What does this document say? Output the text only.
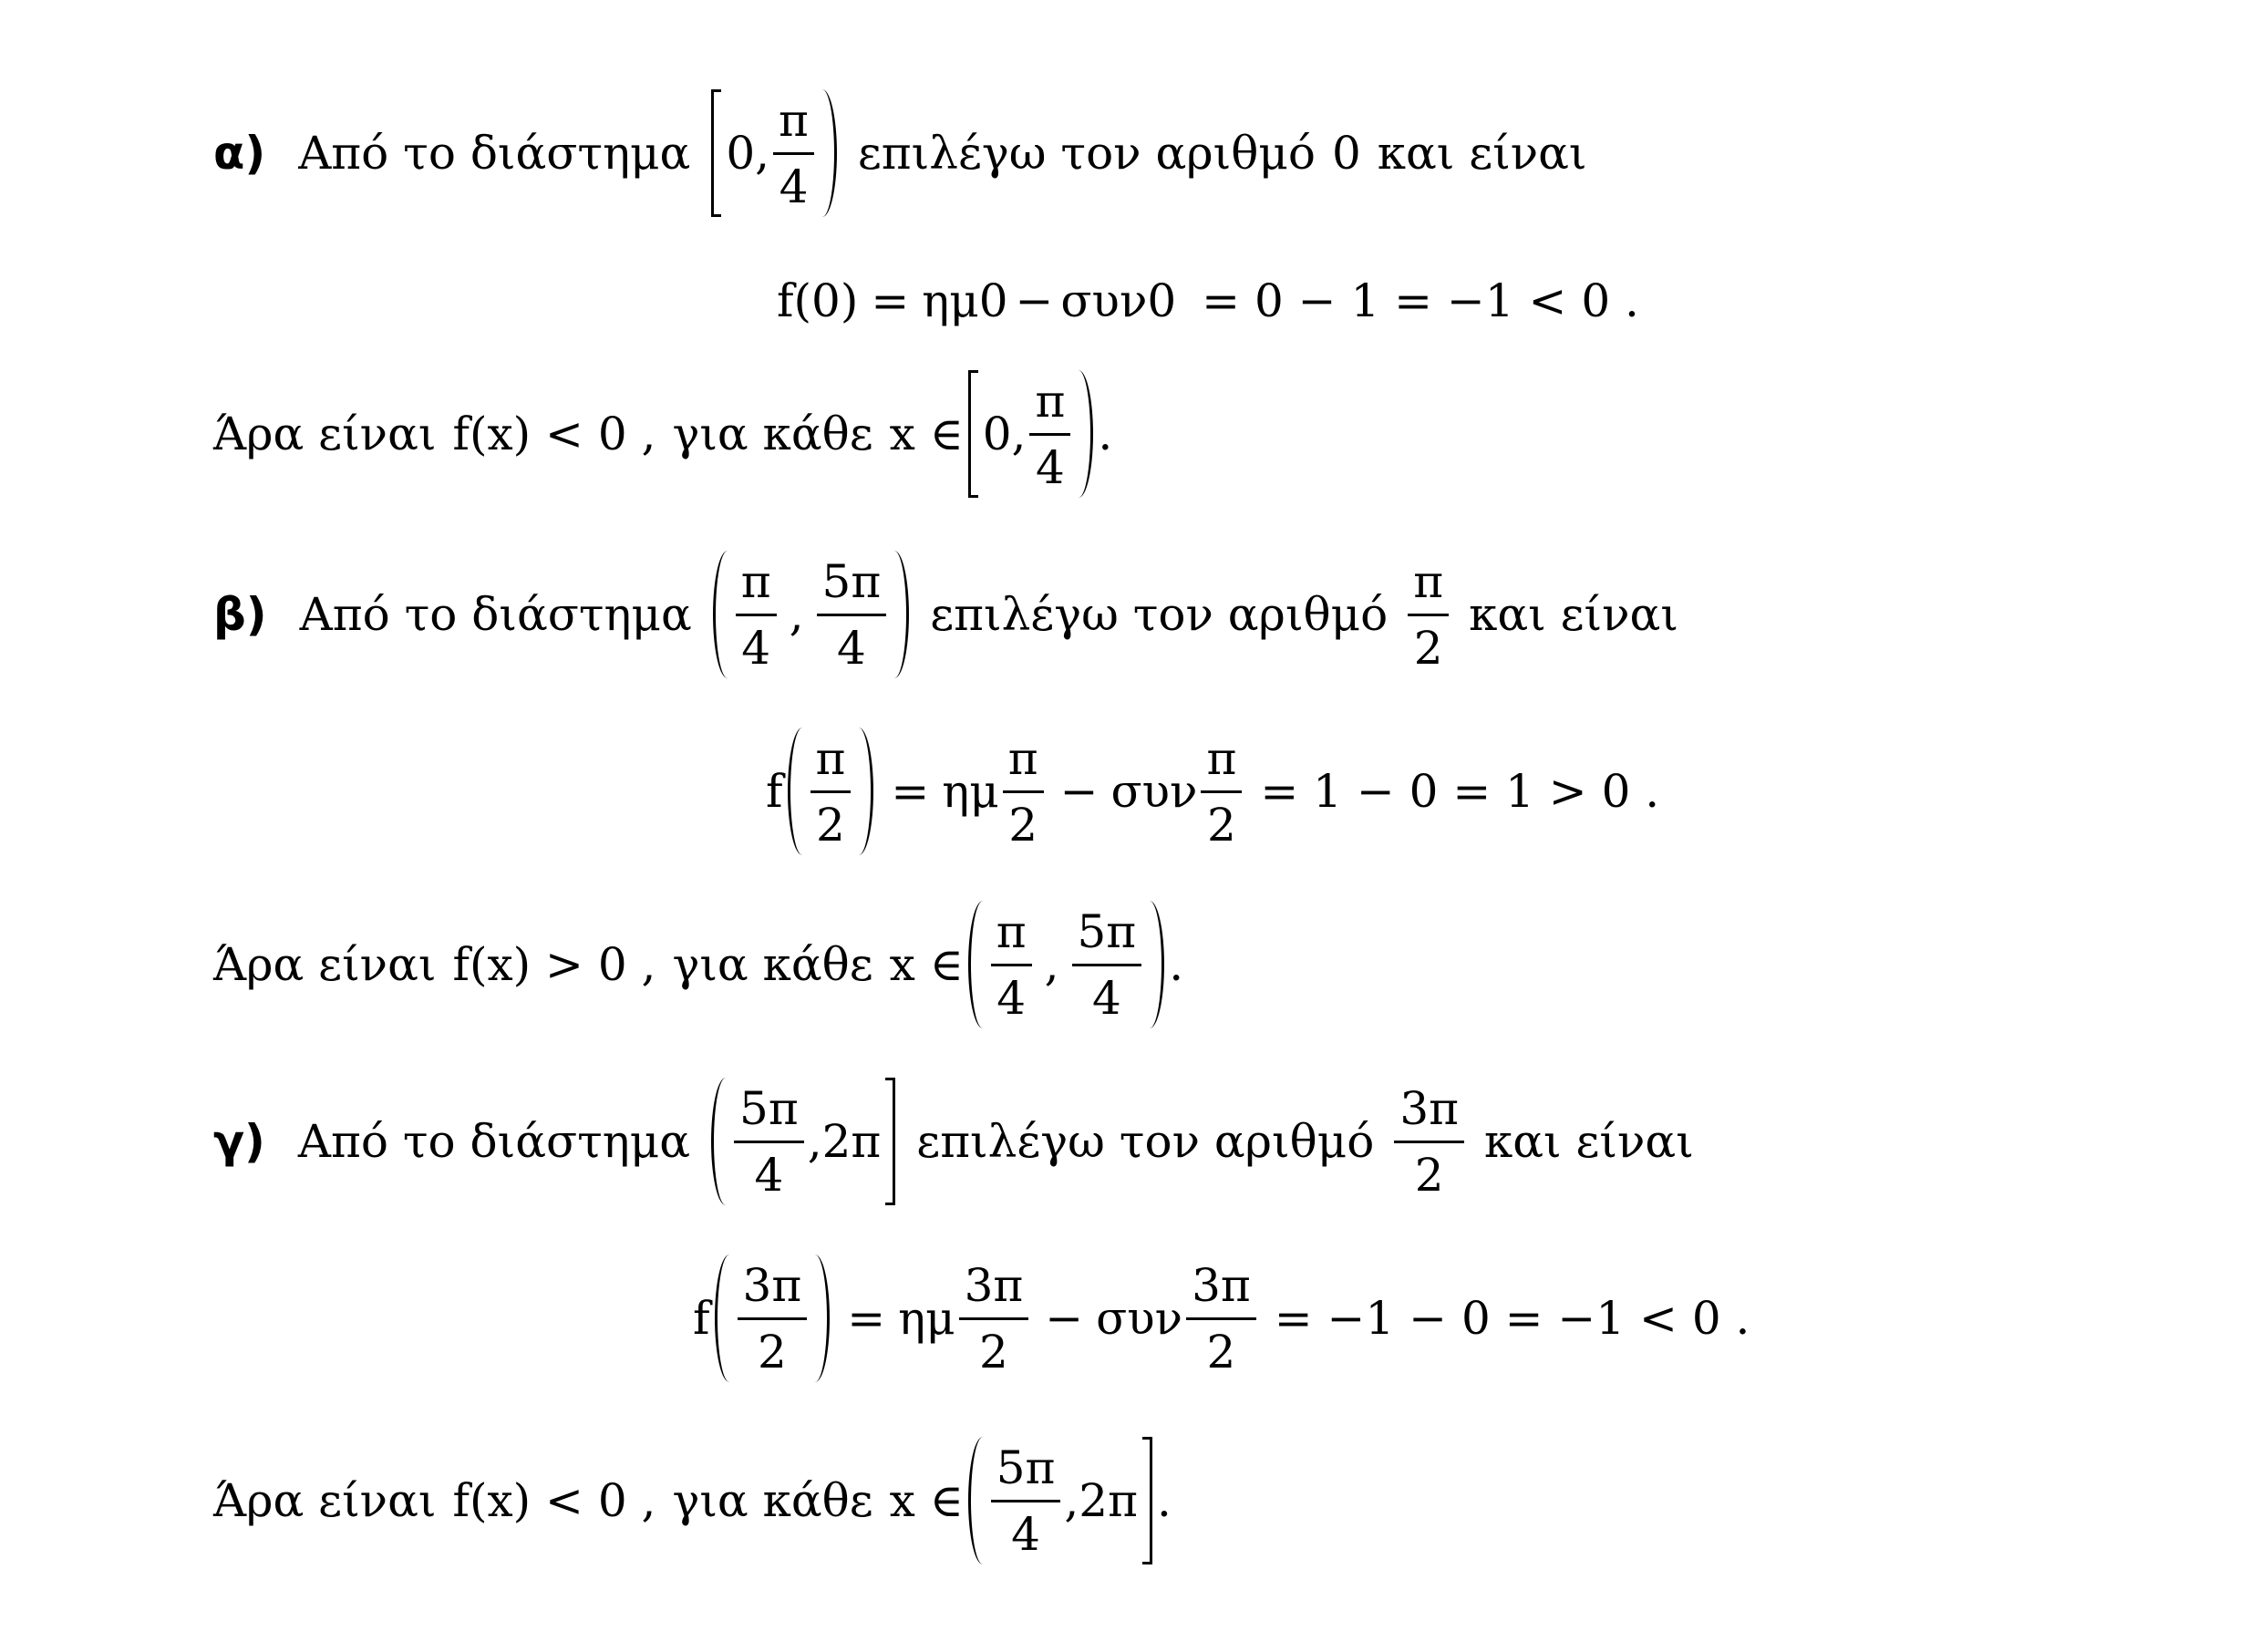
α) Από το διάστημα 0 , $\frac{\pi}{4}$ επιλέγω τον αριθμό 0 και είναι
f( 0 ) = ημ0 − συν0 = 0 − 1 = −1 < 0 .
Άρα είναι f(x) < 0 , για κάθε x ∈ 0 , $\frac{\pi}{4}$ .
β) Από το διάστημα $\frac{\pi}{4}$ , $\frac{5\pi}{4}$ επιλέγω τον αριθμό $\frac{\pi}{2}$ και είναι
f $\frac{\pi}{2} = \eta\mu \frac{\pi}{2} - \sigma\upsilon\nu \frac{\pi}{2} = 1 - 0 = 1 > 0$ .
Άρα είναι f(x) > 0 , για κάθε x ∈ $\frac{\pi}{4}$ , $\frac{5\pi}{4}$ .
γ) Από το διάστημα $\frac{5\pi}{4} ,2\pi$ επιλέγω τον αριθμό $\frac{3\pi}{2}$ και είναι
f $\frac{3\pi}{2} = \eta\mu \frac{3\pi}{2} - \sigma\upsilon\nu \frac{3\pi}{2} = -1 - 0 = -1 < 0$ .
Άρα είναι f(x) < 0 , για κάθε x ∈ $\frac{5\pi}{4} ,2\pi$ .
